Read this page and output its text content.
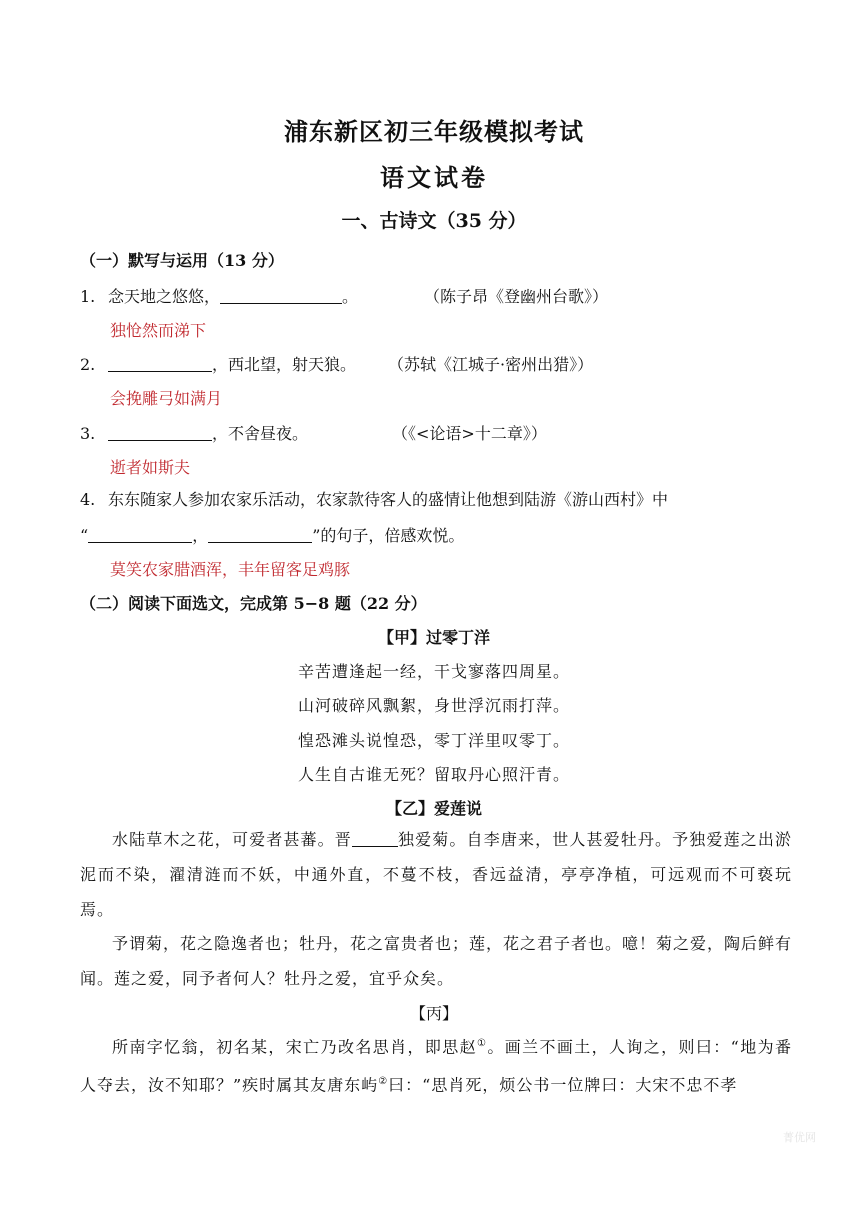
浦东新区初三年级模拟考试
语文试卷
一、古诗文（35 分）
（一）默写与运用（13 分）
1. 念天地之悠悠，	。	（陈子昂《登幽州台歌》）
独怆然而涕下
2.	，西北望，射天狼。 （苏轼《江城子·密州出猎》）
会挽雕弓如满月
3.	，不舍昼夜。	（《<论语>十二章》）
逝者如斯夫
4. 东东随家人参加农家乐活动，农家款待客人的盛情让他想到陆游《游山西村》中
“	，	”的句子，倍感欢悦。
莫笑农家腊酒浑，丰年留客足鸡豚
（二）阅读下面选文，完成第 5−8 题（22 分）
【甲】过零丁洋
辛苦遭逢起一经，干戈寥落四周星。
山河破碎风飘絮，身世浮沉雨打萍。
惶恐滩头说惶恐，零丁洋里叹零丁。
人生自古谁无死？留取丹心照汗青。
【乙】爱莲说
水陆草木之花，可爱者甚蕃。晋	独爱菊。自李唐来，世人甚爱牡丹。予独爱莲之出淤泥而不染，濯清涟而不妖，中通外直，不蔓不枝，香远益清，亭亭净植，可远观而不可亵玩焉。
予谓菊，花之隐逸者也；牡丹，花之富贵者也；莲，花之君子者也。噫！菊之爱，陶后鲜有闻。莲之爱，同予者何人？牡丹之爱，宜乎众矣。
【丙】
所南字忆翁，初名某，宋亡乃改名思肖，即思赵①。画兰不画土，人询之，则曰：“地为番人夺去，汝不知耶？”疾时属其友唐东屿②曰：“思肖死，烦公书一位牌曰：大宋不忠不孝
菁优网
